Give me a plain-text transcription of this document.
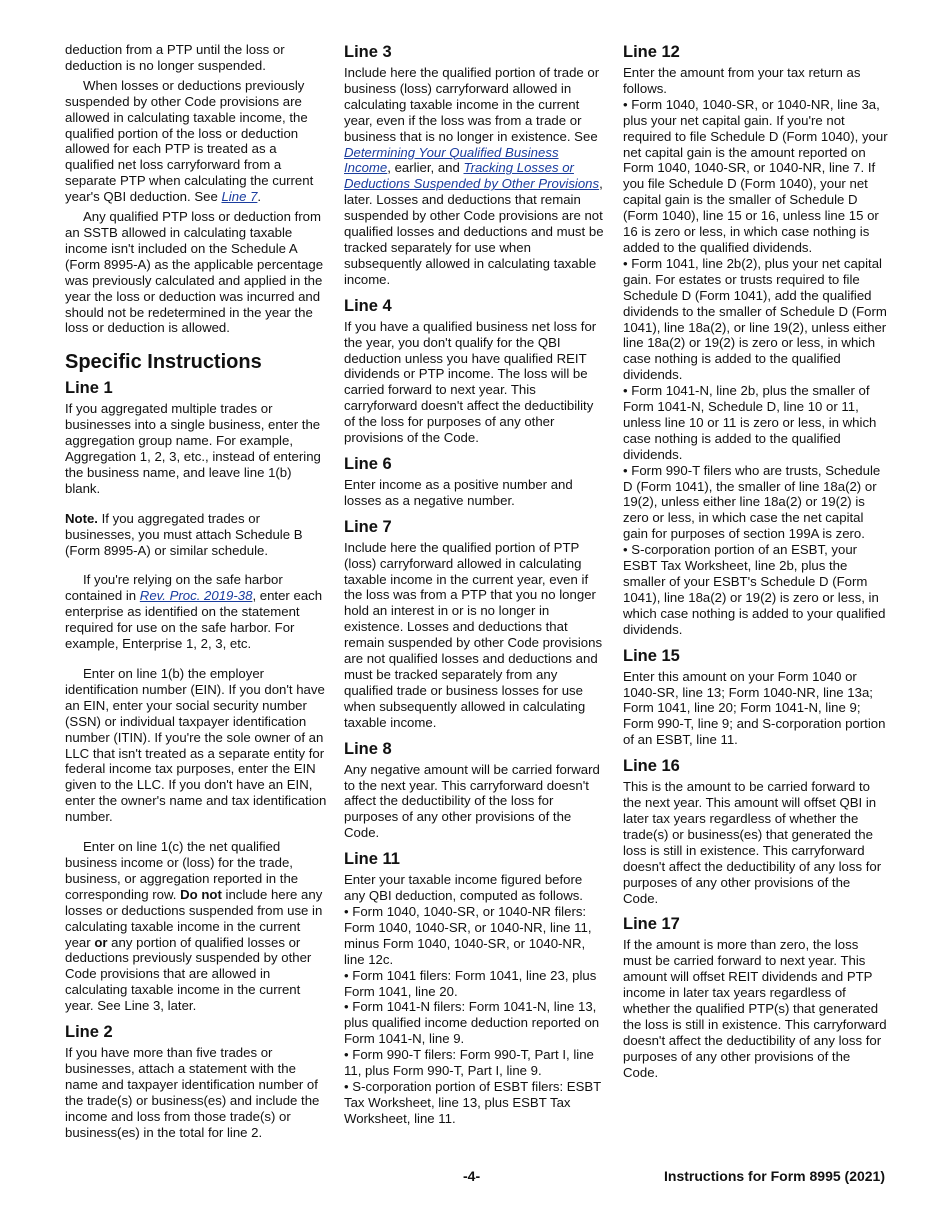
deduction from a PTP until the loss or deduction is no longer suspended.

When losses or deductions previously suspended by other Code provisions are allowed in calculating taxable income, the qualified portion of the loss or deduction allowed for each PTP is treated as a qualified net loss carryforward from a separate PTP when calculating the current year's QBI deduction. See Line 7.

Any qualified PTP loss or deduction from an SSTB allowed in calculating taxable income isn't included on the Schedule A (Form 8995-A) as the applicable percentage was previously calculated and applied in the year the loss or deduction was incurred and should not be redetermined in the year the loss or deduction is allowed.

Specific Instructions
Line 1

If you aggregated multiple trades or businesses into a single business, enter the aggregation group name. For example, Aggregation 1, 2, 3, etc., instead of entering the business name, and leave line 1(b) blank.

Note. If you aggregated trades or businesses, you must attach Schedule B (Form 8995-A) or similar schedule.

If you're relying on the safe harbor contained in Rev. Proc. 2019-38, enter each enterprise as identified on the statement required for use on the safe harbor. For example, Enterprise 1, 2, 3, etc.

Enter on line 1(b) the employer identification number (EIN). If you don't have an EIN, enter your social security number (SSN) or individual taxpayer identification number (ITIN). If you're the sole owner of an LLC that isn't treated as a separate entity for federal income tax purposes, enter the EIN given to the LLC. If you don't have an EIN, enter the owner's name and tax identification number.

Enter on line 1(c) the net qualified business income or (loss) for the trade, business, or aggregation reported in the corresponding row. Do not include here any losses or deductions suspended from use in calculating taxable income in the current year or any portion of qualified losses or deductions previously suspended by other Code provisions that are allowed in calculating taxable income in the current year. See Line 3, later.

Line 2

If you have more than five trades or businesses, attach a statement with the name and taxpayer identification number of the trade(s) or business(es) and include the income and loss from those trade(s) or business(es) in the total for line 2.

Line 3

Include here the qualified portion of trade or business (loss) carryforward allowed in calculating taxable income in the current year, even if the loss was from a trade or business that is no longer in existence. See Determining Your Qualified Business Income, earlier, and Tracking Losses or Deductions Suspended by Other Provisions, later. Losses and deductions that remain suspended by other Code provisions are not qualified losses and deductions and must be tracked separately for use when subsequently allowed in calculating taxable income.

Line 4

If you have a qualified business net loss for the year, you don't qualify for the QBI deduction unless you have qualified REIT dividends or PTP income. The loss will be carried forward to next year. This carryforward doesn't affect the deductibility of the loss for purposes of any other provisions of the Code.

Line 6

Enter income as a positive number and losses as a negative number.

Line 7

Include here the qualified portion of PTP (loss) carryforward allowed in calculating taxable income in the current year, even if the loss was from a PTP that you no longer hold an interest in or is no longer in existence. Losses and deductions that remain suspended by other Code provisions are not qualified losses and deductions and must be tracked separately from any qualified trade or business losses for use when subsequently allowed in calculating taxable income.

Line 8

Any negative amount will be carried forward to the next year. This carryforward doesn't affect the deductibility of the loss for purposes of any other provisions of the Code.

Line 11

Enter your taxable income figured before any QBI deduction, computed as follows.

• Form 1040, 1040-SR, or 1040-NR filers: Form 1040, 1040-SR, or 1040-NR, line 11, minus Form 1040, 1040-SR, or 1040-NR, line 12c.

• Form 1041 filers: Form 1041, line 23, plus Form 1041, line 20.

• Form 1041-N filers: Form 1041-N, line 13, plus qualified income deduction reported on Form 1041-N, line 9.

• Form 990-T filers: Form 990-T, Part I, line 11, plus Form 990-T, Part I, line 9.

• S-corporation portion of ESBT filers: ESBT Tax Worksheet, line 13, plus ESBT Tax Worksheet, line 11.

Line 12

Enter the amount from your tax return as follows.

• Form 1040, 1040-SR, or 1040-NR, line 3a, plus your net capital gain. If you're not required to file Schedule D (Form 1040), your net capital gain is the amount reported on Form 1040, 1040-SR, or 1040-NR, line 7. If you file Schedule D (Form 1040), your net capital gain is the smaller of Schedule D (Form 1040), line 15 or 16, unless line 15 or 16 is zero or less, in which case nothing is added to the qualified dividends.

• Form 1041, line 2b(2), plus your net capital gain. For estates or trusts required to file Schedule D (Form 1041), add the qualified dividends to the smaller of Schedule D (Form 1041), line 18a(2), or line 19(2), unless either line 18a(2) or 19(2) is zero or less, in which case nothing is added to the qualified dividends.

• Form 1041-N, line 2b, plus the smaller of Form 1041-N, Schedule D, line 10 or 11, unless line 10 or 11 is zero or less, in which case nothing is added to the qualified dividends.

• Form 990-T filers who are trusts, Schedule D (Form 1041), the smaller of line 18a(2) or 19(2), unless either line 18a(2) or 19(2) is zero or less, in which case the net capital gain for purposes of section 199A is zero.

• S-corporation portion of an ESBT, your ESBT Tax Worksheet, line 2b, plus the smaller of your ESBT's Schedule D (Form 1041), line 18a(2) or 19(2) is zero or less, in which case nothing is added to your qualified dividends.

Line 15

Enter this amount on your Form 1040 or 1040-SR, line 13; Form 1040-NR, line 13a; Form 1041, line 20; Form 1041-N, line 9; Form 990-T, line 9; and S-corporation portion of an ESBT, line 11.

Line 16

This is the amount to be carried forward to the next year. This amount will offset QBI in later tax years regardless of whether the trade(s) or business(es) that generated the loss is still in existence. This carryforward doesn't affect the deductibility of any loss for purposes of any other provisions of the Code.

Line 17

If the amount is more than zero, the loss must be carried forward to next year. This amount will offset REIT dividends and PTP income in later tax years regardless of whether the qualified PTP(s) that generated the loss is still in existence. This carryforward doesn't affect the deductibility of any loss for purposes of any other provisions of the Code.

-4-	Instructions for Form 8995 (2021)
